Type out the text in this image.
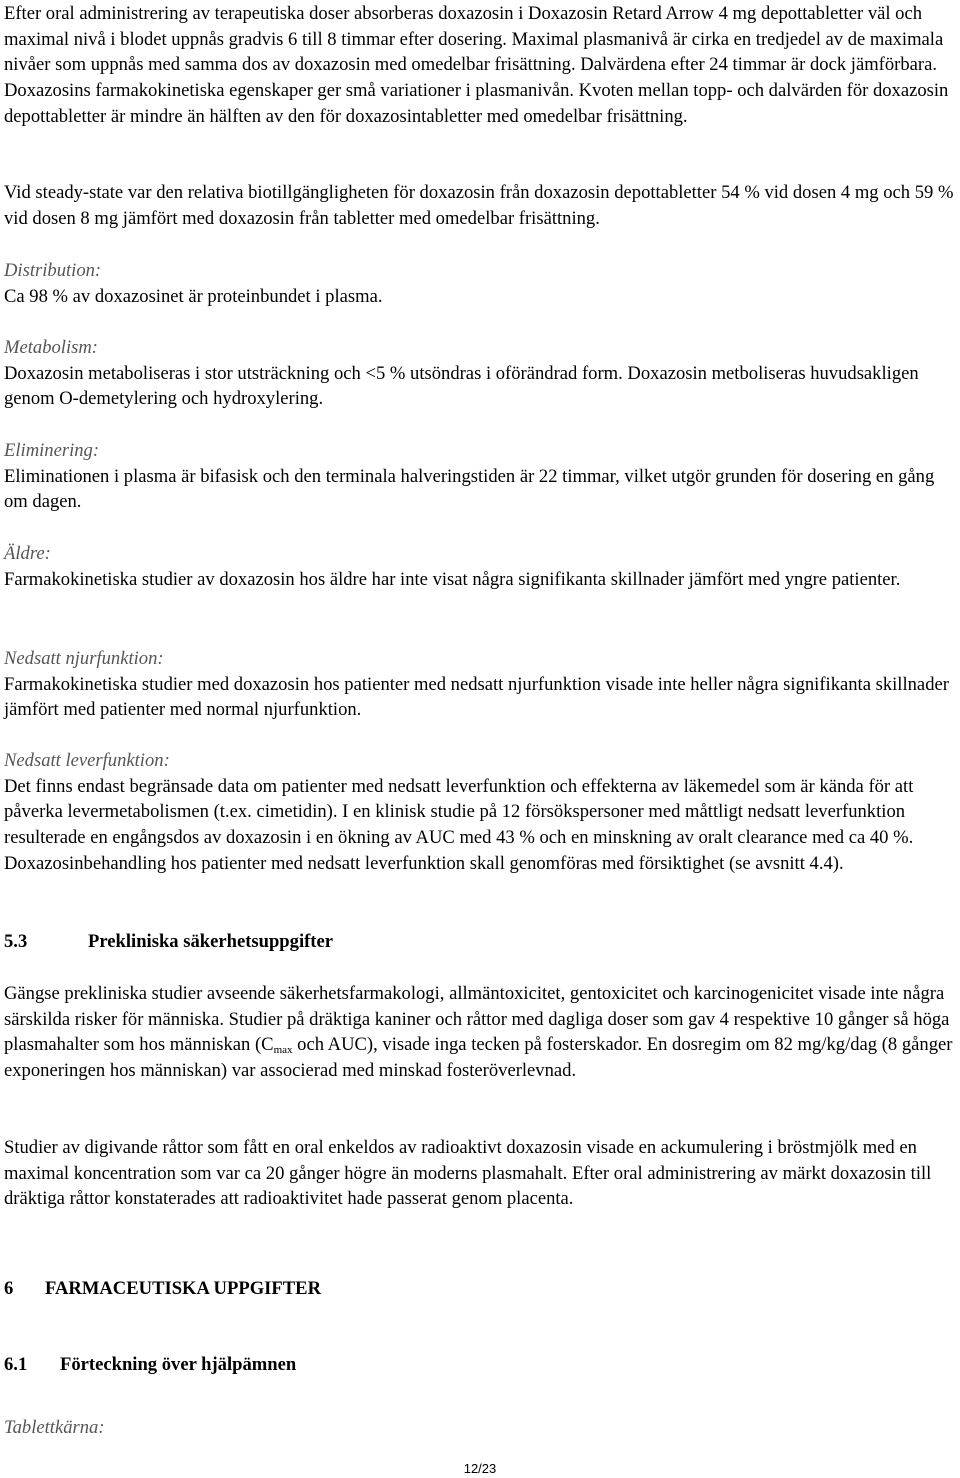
Efter oral administrering av terapeutiska doser absorberas doxazosin i Doxazosin Retard Arrow 4 mg depottabletter väl och maximal nivå i blodet uppnås gradvis 6 till 8 timmar efter dosering. Maximal plasmanivå är cirka en tredjedel av de maximala nivåer som uppnås med samma dos av doxazosin med omedelbar frisättning. Dalvärdena efter 24 timmar är dock jämförbara. Doxazosins farmakokinetiska egenskaper ger små variationer i plasmanivån. Kvoten mellan topp- och dalvärden för doxazosin depottabletter är mindre än hälften av den för doxazosintabletter med omedelbar frisättning.

Vid steady-state var den relativa biotillgängligheten för doxazosin från doxazosin depottabletter 54 % vid dosen 4 mg och 59 % vid dosen 8 mg jämfört med doxazosin från tabletter med omedelbar frisättning.

Distribution:
Ca 98 % av doxazosinet är proteinbundet i plasma.
Metabolism:
Doxazosin metaboliseras i stor utsträckning och <5 % utsöndras i oförändrad form. Doxazosin metboliseras huvudsakligen genom O-demetylering och hydroxylering.
Eliminering:
Eliminationen i plasma är bifasisk och den terminala halveringstiden är 22 timmar, vilket utgör grunden för dosering en gång om dagen.
Äldre:
Farmakokinetiska studier av doxazosin hos äldre har inte visat några signifikanta skillnader jämfört med yngre patienter.
Nedsatt njurfunktion:
Farmakokinetiska studier med doxazosin hos patienter med nedsatt njurfunktion visade inte heller några signifikanta skillnader jämfört med patienter med normal njurfunktion.
Nedsatt leverfunktion:
Det finns endast begränsade data om patienter med nedsatt leverfunktion och effekterna av läkemedel som är kända för att påverka levermetabolismen (t.ex. cimetidin). I en klinisk studie på 12 försökspersoner med måttligt nedsatt leverfunktion resulterade en engångsdos av doxazosin i en ökning av AUC med 43 % och en minskning av oralt clearance med ca 40 %. Doxazosinbehandling hos patienter med nedsatt leverfunktion skall genomföras med försiktighet (se avsnitt 4.4).
5.3	Prekliniska säkerhetsuppgifter

Gängse prekliniska studier avseende säkerhetsfarmakologi, allmäntoxicitet, gentoxicitet och karcinogenicitet visade inte några särskilda risker för människa. Studier på dräktiga kaniner och råttor med dagliga doser som gav 4 respektive 10 gånger så höga plasmahalter som hos människan ($C_{max}$ och AUC), visade inga tecken på fosterskador. En dosregim om 82 mg/kg/dag (8 gånger exponeringen hos människan) var associerad med minskad fosteröverlevnad.

Studier av digivande råttor som fått en oral enkeldos av radioaktivt doxazosin visade en ackumulering i bröstmjölk med en maximal koncentration som var ca 20 gånger högre än moderns plasmahalt. Efter oral administrering av märkt doxazosin till dräktiga råttor konstaterades att radioaktivitet hade passerat genom placenta.

6 FARMACEUTISKA UPPGIFTER
6.1 Förteckning över hjälpämnen
Tablettkärna:
12/23
